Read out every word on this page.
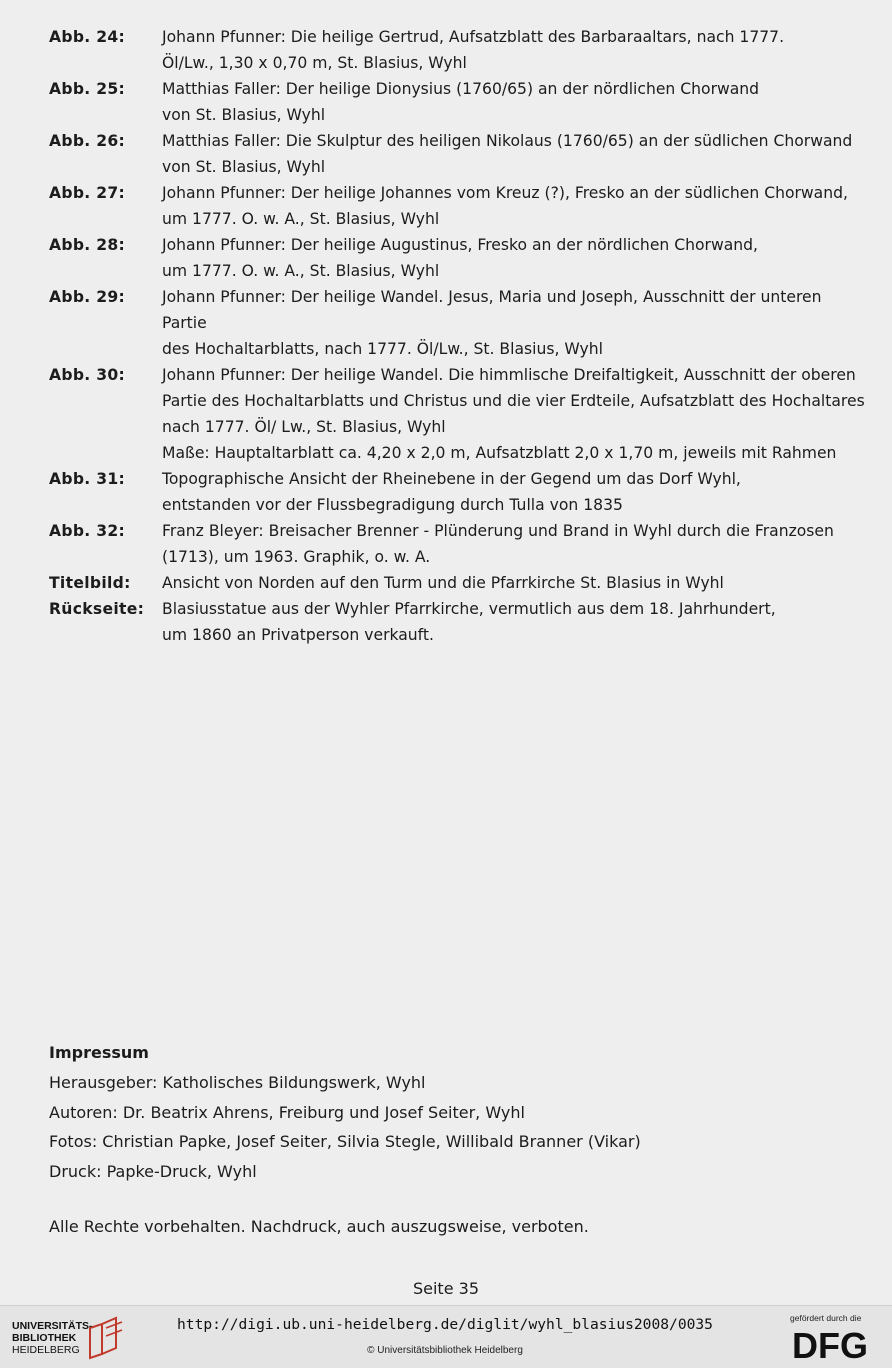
Abb. 24:	Johann Pfunner: Die heilige Gertrud, Aufsatzblatt des Barbaraaltars, nach 1777.
Öl/Lw., 1,30 x 0,70 m, St. Blasius, Wyhl
Abb. 25:	Matthias Faller: Der heilige Dionysius (1760/65) an der nördlichen Chorwand
von St. Blasius, Wyhl
Abb. 26:	Matthias Faller: Die Skulptur des heiligen Nikolaus (1760/65) an der südlichen Chorwand
von St. Blasius, Wyhl
Abb. 27:	Johann Pfunner: Der heilige Johannes vom Kreuz (?), Fresko an der südlichen Chorwand,
um 1777. O. w. A., St. Blasius, Wyhl
Abb. 28:	Johann Pfunner: Der heilige Augustinus, Fresko an der nördlichen Chorwand,
um 1777. O. w. A., St. Blasius, Wyhl
Abb. 29:	Johann Pfunner: Der heilige Wandel. Jesus, Maria und Joseph, Ausschnitt der unteren Partie
des Hochaltarblatts, nach 1777. Öl/Lw., St. Blasius, Wyhl
Abb. 30:	Johann Pfunner: Der heilige Wandel. Die himmlische Dreifaltigkeit, Ausschnitt der oberen
Partie des Hochaltarblatts und Christus und die vier Erdteile, Aufsatzblatt des Hochaltares
nach 1777. Öl/ Lw., St. Blasius, Wyhl
Maße: Hauptaltarblatt ca. 4,20 x 2,0 m, Aufsatzblatt 2,0 x 1,70 m, jeweils mit Rahmen
Abb. 31:	Topographische Ansicht der Rheinebene in der Gegend um das Dorf Wyhl,
entstanden vor der Flussbegradigung durch Tulla von 1835
Abb. 32:	Franz Bleyer: Breisacher Brenner - Plünderung und Brand in Wyhl durch die Franzosen
(1713), um 1963. Graphik, o. w. A.
Titelbild:	Ansicht von Norden auf den Turm und die Pfarrkirche St. Blasius in Wyhl
Rückseite:	Blasiusstatue aus der Wyhler Pfarrkirche, vermutlich aus dem 18. Jahrhundert,
um 1860 an Privatperson verkauft.
Impressum
Herausgeber: Katholisches Bildungswerk, Wyhl
Autoren: Dr. Beatrix Ahrens, Freiburg und Josef Seiter, Wyhl
Fotos: Christian Papke, Josef Seiter, Silvia Stegle, Willibald Branner (Vikar)
Druck: Papke-Druck, Wyhl
Alle Rechte vorbehalten. Nachdruck, auch auszugsweise, verboten.
Seite 35
UNIVERSITÄTS-
BIBLIOTHEK
HEIDELBERG
http://digi.ub.uni-heidelberg.de/diglit/wyhl_blasius2008/0035
© Universitätsbibliothek Heidelberg
gefördert durch die
DFG
